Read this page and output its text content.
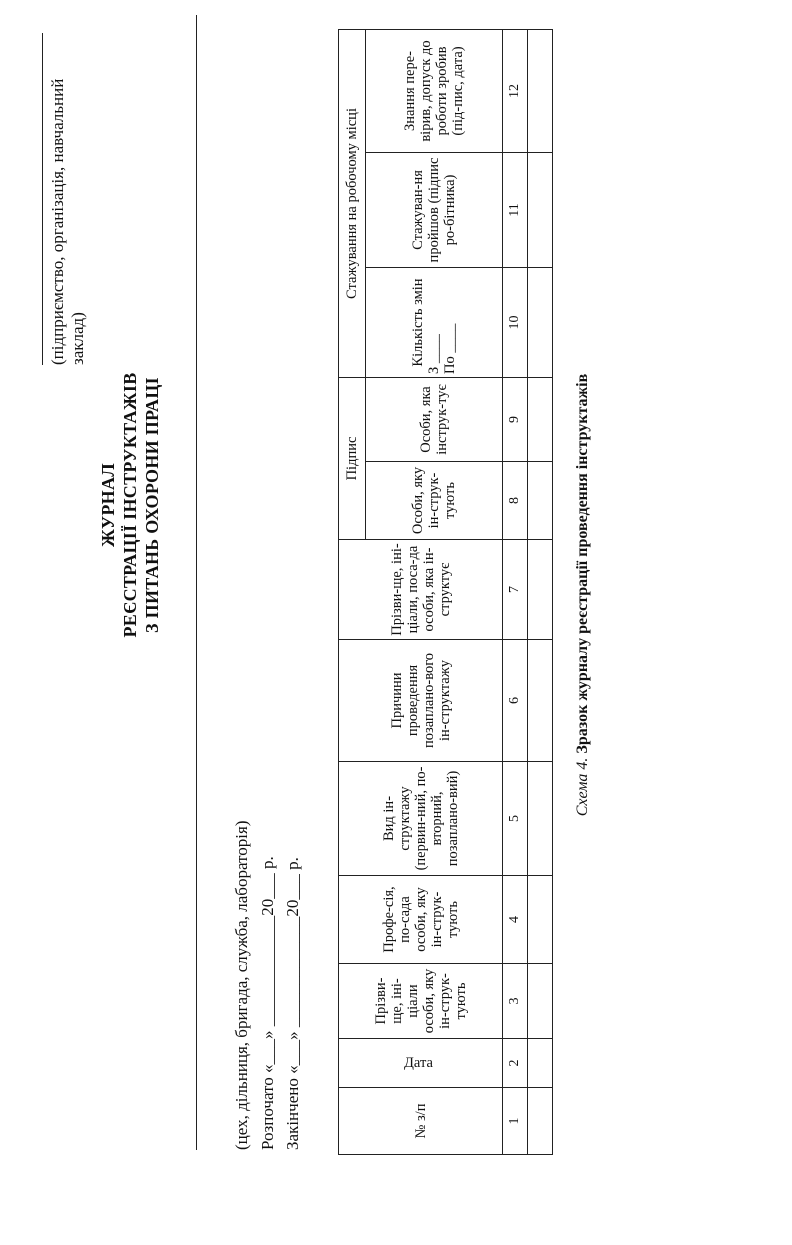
(підприємство, організація, навчальний заклад)
ЖУРНАЛ РЕЄСТРАЦІЇ ІНСТРУКТАЖІВ З ПИТАНЬ ОХОРОНИ ПРАЦІ
(цех, дільниця, бригада, служба, лабораторія) Розпочато «___» _____________20___ р. Закінчено «___» _____________20___ р.	№ з/п	Дата	Прізви-ще, іні-ціали особи, яку ін-струк-тують	Профе-сія, по-сада особи, яку ін-струк-тують	Вид ін-структажу (первин-ний, по-вторний, позаплано-вий)	Причини проведення позаплано-вого ін-структажу	Прізви-ще, іні-ціали, поса-да особи, яка ін-структує	Підпис		Стажування на робочому місці		
							Особи, яку ін-струк-тують	Особи, яка інструк-тує	Кількість змін З ____ По ____	Стажуван-ня пройшов (підпис ро-бітника)	Знання пере-вірив, допуск до роботи зробив (під-пис, дата)
1	2	3	4	5	6	7	8	9	10	11	12

Схема 4. Зразок журналу реєстрації проведення інструктажів
